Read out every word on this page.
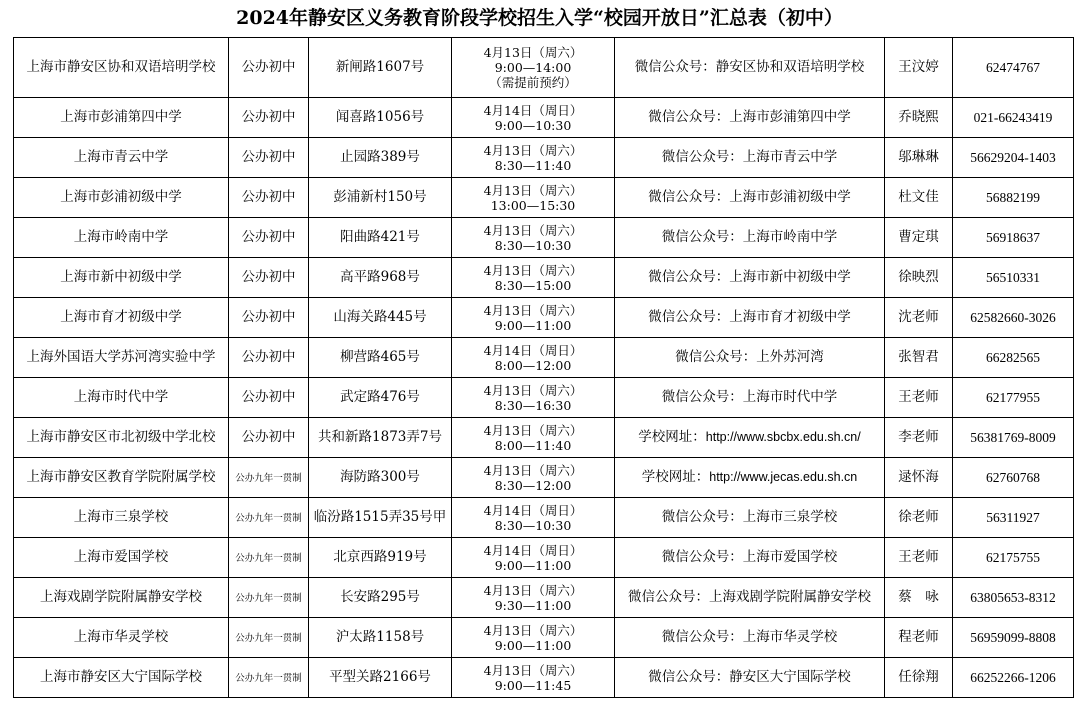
2024年静安区义务教育阶段学校招生入学“校园开放日”汇总表（初中）
上海市静安区协和双语培明学校	公办初中	新闸路1607号	4月13日（周六）
9:00—14:00
（需提前预约）	微信公众号：静安区协和双语培明学校	王汶婷	62474767
上海市彭浦第四中学	公办初中	闻喜路1056号	4月14日（周日）
9:00—10:30	微信公众号：上海市彭浦第四中学	乔晓熙	021-66243419
上海市青云中学	公办初中	止园路389号	4月13日（周六）
8:30—11:40	微信公众号：上海市青云中学	邬琳琳	56629204-1403
上海市彭浦初级中学	公办初中	彭浦新村150号	4月13日（周六）
13:00—15:30	微信公众号：上海市彭浦初级中学	杜文佳	56882199
上海市岭南中学	公办初中	阳曲路421号	4月13日（周六）
8:30—10:30	微信公众号：上海市岭南中学	曹定琪	56918637
上海市新中初级中学	公办初中	高平路968号	4月13日（周六）
8:30—15:00	微信公众号：上海市新中初级中学	徐映烈	56510331
上海市育才初级中学	公办初中	山海关路445号	4月13日（周六）
9:00—11:00	微信公众号：上海市育才初级中学	沈老师	62582660-3026
上海外国语大学苏河湾实验中学	公办初中	柳营路465号	4月14日（周日）
8:00—12:00	微信公众号：上外苏河湾	张智君	66282565
上海市时代中学	公办初中	武定路476号	4月13日（周六）
8:30—16:30	微信公众号：上海市时代中学	王老师	62177955
上海市静安区市北初级中学北校	公办初中	共和新路1873弄7号	4月13日（周六）
8:00—11:40	学校网址：http://www.sbcbx.edu.sh.cn/	李老师	56381769-8009
上海市静安区教育学院附属学校	公办九年一贯制	海防路300号	4月13日（周六）
8:30—12:00	学校网址：http://www.jecas.edu.sh.cn	逯怀海	62760768
上海市三泉学校	公办九年一贯制	临汾路1515弄35号甲	4月14日（周日）
8:30—10:30	微信公众号：上海市三泉学校	徐老师	56311927
上海市爱国学校	公办九年一贯制	北京西路919号	4月14日（周日）
9:00—11:00	微信公众号：上海市爱国学校	王老师	62175755
上海戏剧学院附属静安学校	公办九年一贯制	长安路295号	4月13日（周六）
9:30—11:00	微信公众号：上海戏剧学院附属静安学校	蔡　咏	63805653-8312
上海市华灵学校	公办九年一贯制	沪太路1158号	4月13日（周六）
9:00—11:00	微信公众号：上海市华灵学校	程老师	56959099-8808
上海市静安区大宁国际学校	公办九年一贯制	平型关路2166号	4月13日（周六）
9:00—11:45	微信公众号：静安区大宁国际学校	任徐翔	66252266-1206
